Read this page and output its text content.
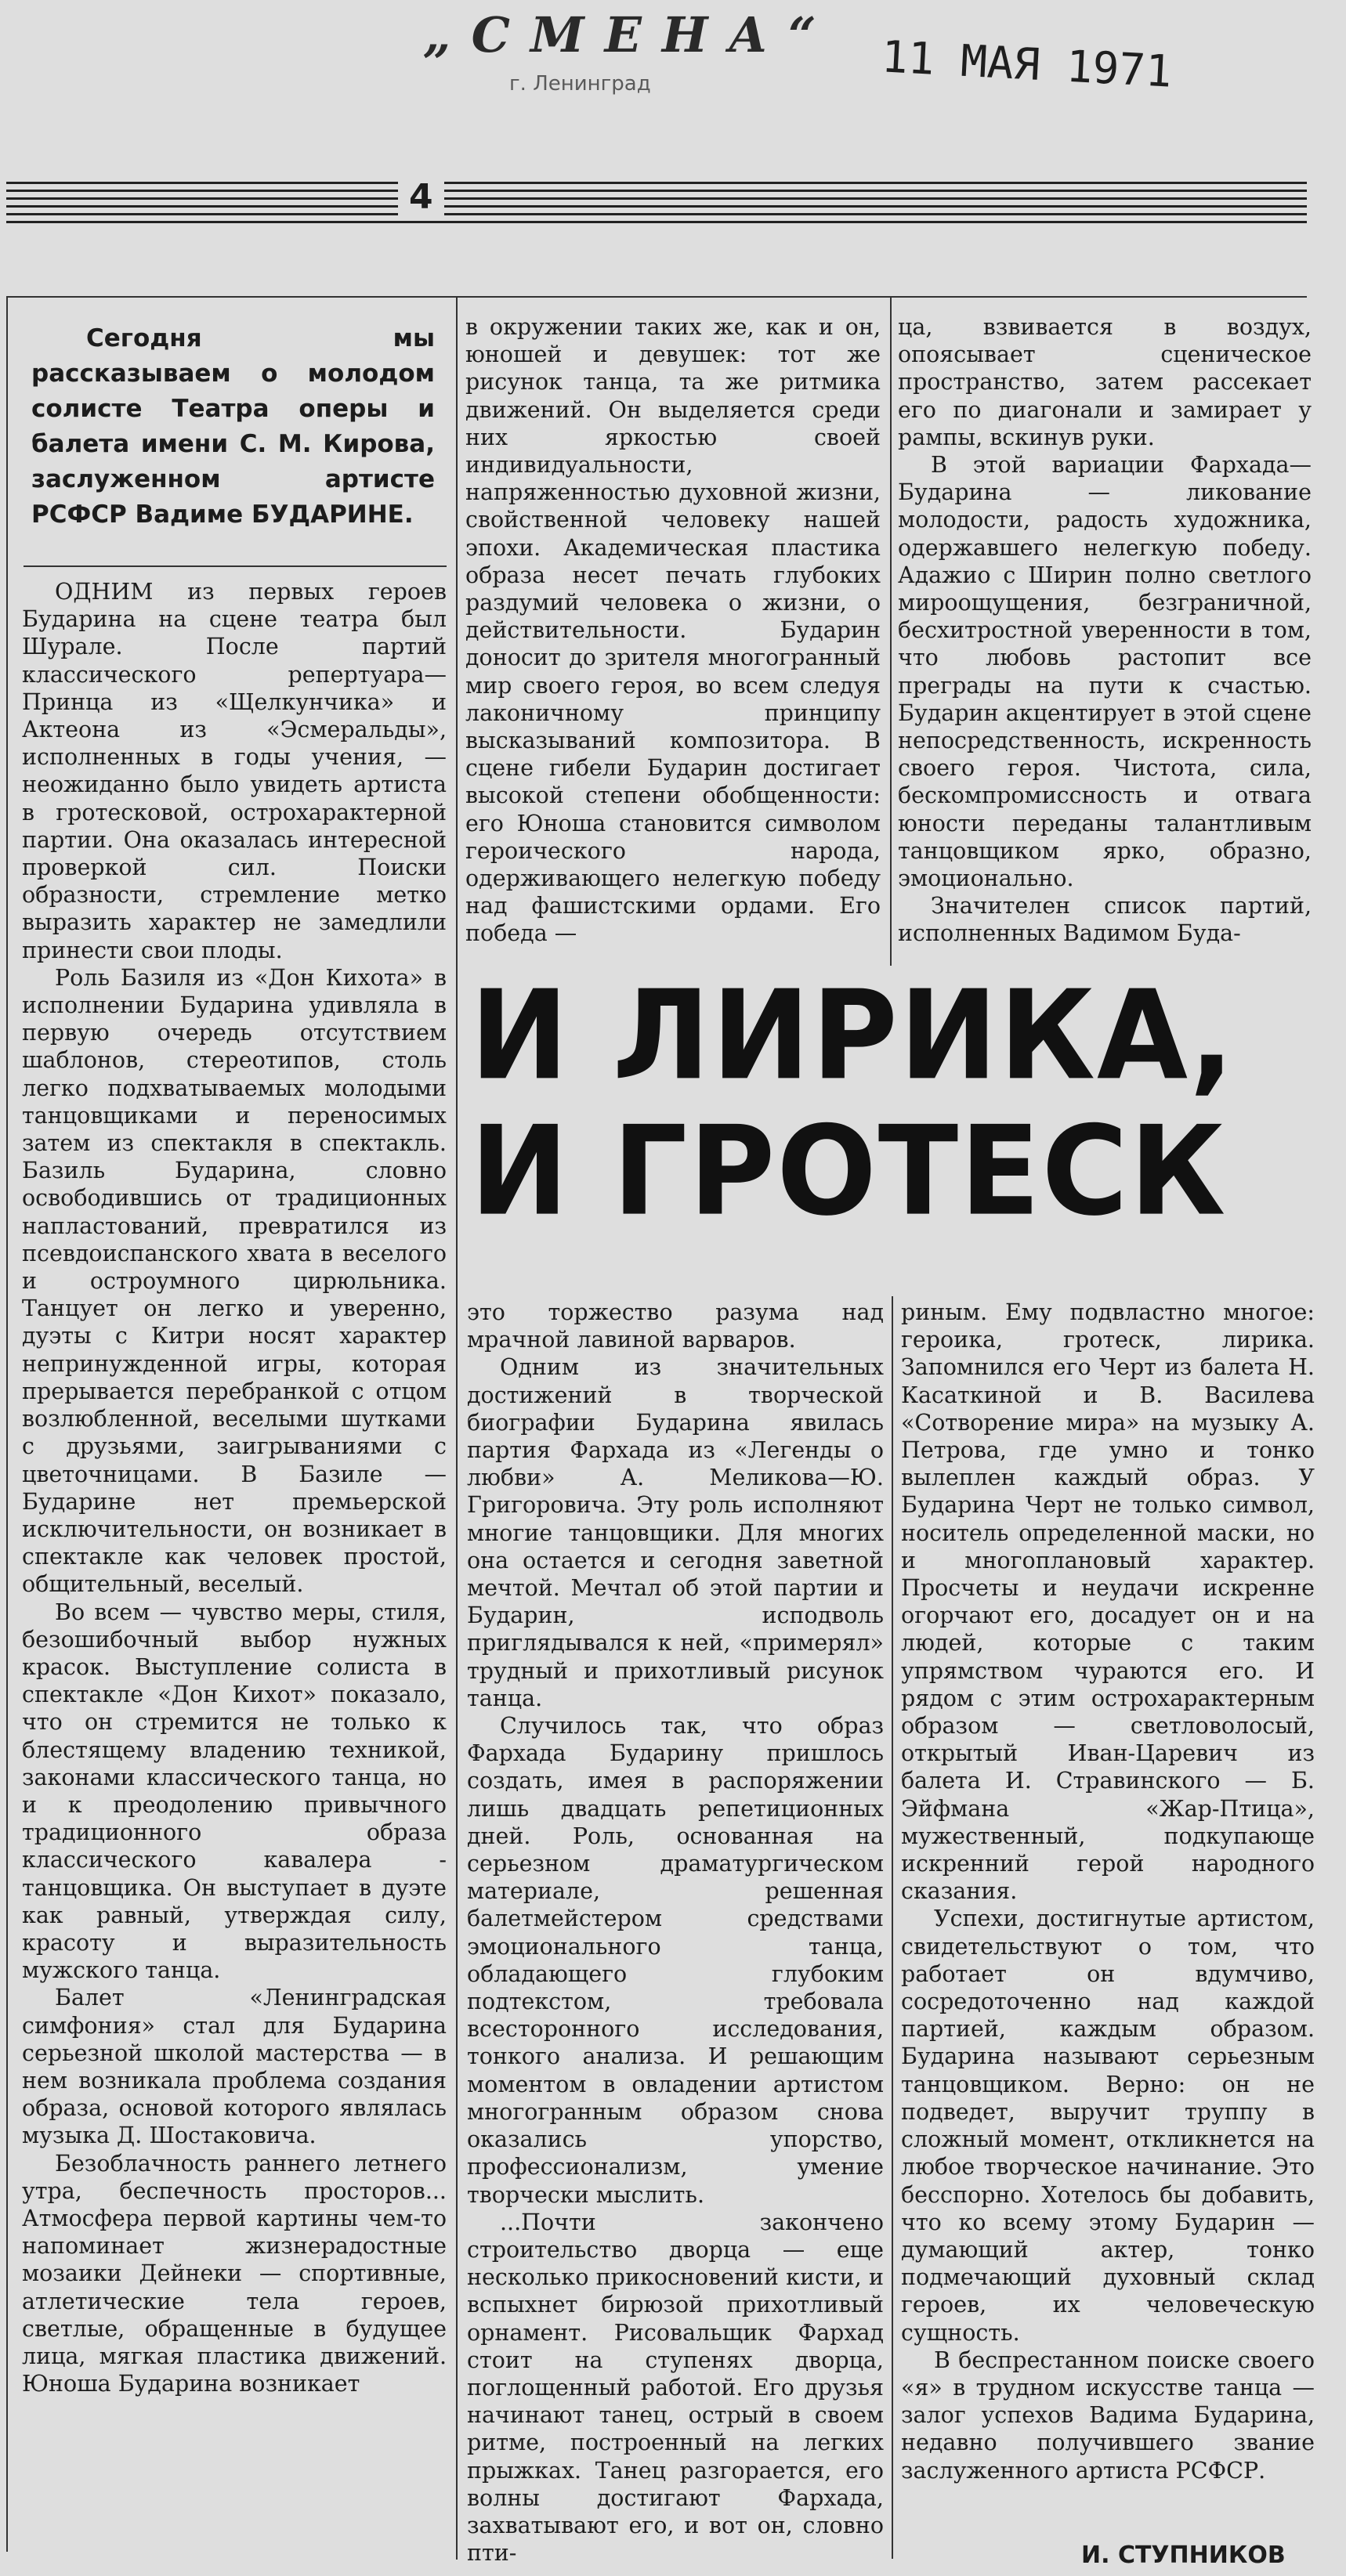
„СМЕНА“
г. Ленинград	11 МАЯ 1971
4

Сегодня мы рассказываем о молодом солисте Театра оперы и балета имени С. М. Кирова, заслуженном артисте РСФСР Вадиме БУДАРИНЕ.

ОДНИМ из первых героев Бударина на сцене театра был Шурале. После партий классического репертуара—Принца из «Щелкунчика» и Актеона из «Эсмеральды», исполненных в годы учения, — неожиданно было увидеть артиста в гротесковой, острохарактерной партии. Она оказалась интересной проверкой сил. Поиски образности, стремление метко выразить характер не замедлили принести свои плоды.

Роль Базиля из «Дон Кихота» в исполнении Бударина удивляла в первую очередь отсутствием шаблонов, стереотипов, столь легко подхватываемых молодыми танцовщиками и переносимых затем из спектакля в спектакль. Базиль Бударина, словно освободившись от традиционных напластований, превратился из псевдоиспанского хвата в веселого и остроумного цирюльника. Танцует он легко и уверенно, дуэты с Китри носят характер непринужденной игры, которая прерывается перебранкой с отцом возлюбленной, веселыми шутками с друзьями, заигрываниями с цветочницами. В Базиле — Бударине нет премьерской исключительности, он возникает в спектакле как человек простой, общительный, веселый.

Во всем — чувство меры, стиля, безошибочный выбор нужных красок. Выступление солиста в спектакле «Дон Кихот» показало, что он стремится не только к блестящему владению техникой, законами классического танца, но и к преодолению привычного традиционного образа классического кавалера - танцовщика. Он выступает в дуэте как равный, утверждая силу, красоту и выразительность мужского танца.

Балет «Ленинградская симфония» стал для Бударина серьезной школой мастерства — в нем возникала проблема создания образа, основой которого являлась музыка Д. Шостаковича.

Безоблачность раннего летнего утра, беспечность просторов... Атмосфера первой картины чем-то напоминает жизнерадостные мозаики Дейнеки — спортивные, атлетические тела героев, светлые, обращенные в будущее лица, мягкая пластика движений. Юноша Бударина возникает

в окружении таких же, как и он, юношей и девушек: тот же рисунок танца, та же ритмика движений. Он выделяется среди них яркостью своей индивидуальности, напряженностью духовной жизни, свойственной человеку нашей эпохи. Академическая пластика образа несет печать глубоких раздумий человека о жизни, о действительности. Бударин доносит до зрителя многогранный мир своего героя, во всем следуя лаконичному принципу высказываний композитора. В сцене гибели Бударин достигает высокой степени обобщенности: его Юноша становится символом героического народа, одерживающего нелегкую победу над фашистскими ордами. Его победа —

ца, взвивается в воздух, опоясывает сценическое пространство, затем рассекает его по диагонали и замирает у рампы, вскинув руки.

В этой вариации Фархада—Бударина — ликование молодости, радость художника, одержавшего нелегкую победу. Адажио с Ширин полно светлого мироощущения, безграничной, бесхитростной уверенности в том, что любовь растопит все преграды на пути к счастью. Бударин акцентирует в этой сцене непосредственность, искренность своего героя. Чистота, сила, бескомпромиссность и отвага юности переданы талантливым танцовщиком ярко, образно, эмоционально.

Значителен список партий, исполненных Вадимом Буда-

И ЛИРИКА,
И ГРОТЕСК

это торжество разума над мрачной лавиной варваров.

Одним из значительных достижений в творческой биографии Бударина явилась партия Фархада из «Легенды о любви» А. Меликова—Ю. Григоровича. Эту роль исполняют многие танцовщики. Для многих она остается и сегодня заветной мечтой. Мечтал об этой партии и Бударин, исподволь приглядывался к ней, «примерял» трудный и прихотливый рисунок танца.

Случилось так, что образ Фархада Бударину пришлось создать, имея в распоряжении лишь двадцать репетиционных дней. Роль, основанная на серьезном драматургическом материале, решенная балетмейстером средствами эмоционального танца, обладающего глубоким подтекстом, требовала всесторонного исследования, тонкого анализа. И решающим моментом в овладении артистом многогранным образом снова оказались упорство, профессионализм, умение творчески мыслить.

...Почти закончено строительство дворца — еще несколько прикосновений кисти, и вспыхнет бирюзой прихотливый орнамент. Рисовальщик Фархад стоит на ступенях дворца, поглощенный работой. Его друзья начинают танец, острый в своем ритме, построенный на легких прыжках. Танец разгорается, его волны достигают Фархада, захватывают его, и вот он, словно пти-

риным. Ему подвластно многое: героика, гротеск, лирика. Запомнился его Черт из балета Н. Касаткиной и В. Василева «Сотворение мира» на музыку А. Петрова, где умно и тонко вылеплен каждый образ. У Бударина Черт не только символ, носитель определенной маски, но и многоплановый характер. Просчеты и неудачи искренне огорчают его, досадует он и на людей, которые с таким упрямством чураются его. И рядом с этим острохарактерным образом — светловолосый, открытый Иван-Царевич из балета И. Стравинского — Б. Эйфмана «Жар-Птица», мужественный, подкупающе искренний герой народного сказания.

Успехи, достигнутые артистом, свидетельствуют о том, что работает он вдумчиво, сосредоточенно над каждой партией, каждым образом. Бударина называют серьезным танцовщиком. Верно: он не подведет, выручит труппу в сложный момент, откликнется на любое творческое начинание. Это бесспорно. Хотелось бы добавить, что ко всему этому Бударин — думающий актер, тонко подмечающий духовный склад героев, их человеческую сущность.

В беспрестанном поиске своего «я» в трудном искусстве танца — залог успехов Вадима Бударина, недавно получившего звание заслуженного артиста РСФСР.

И. СТУПНИКОВ
